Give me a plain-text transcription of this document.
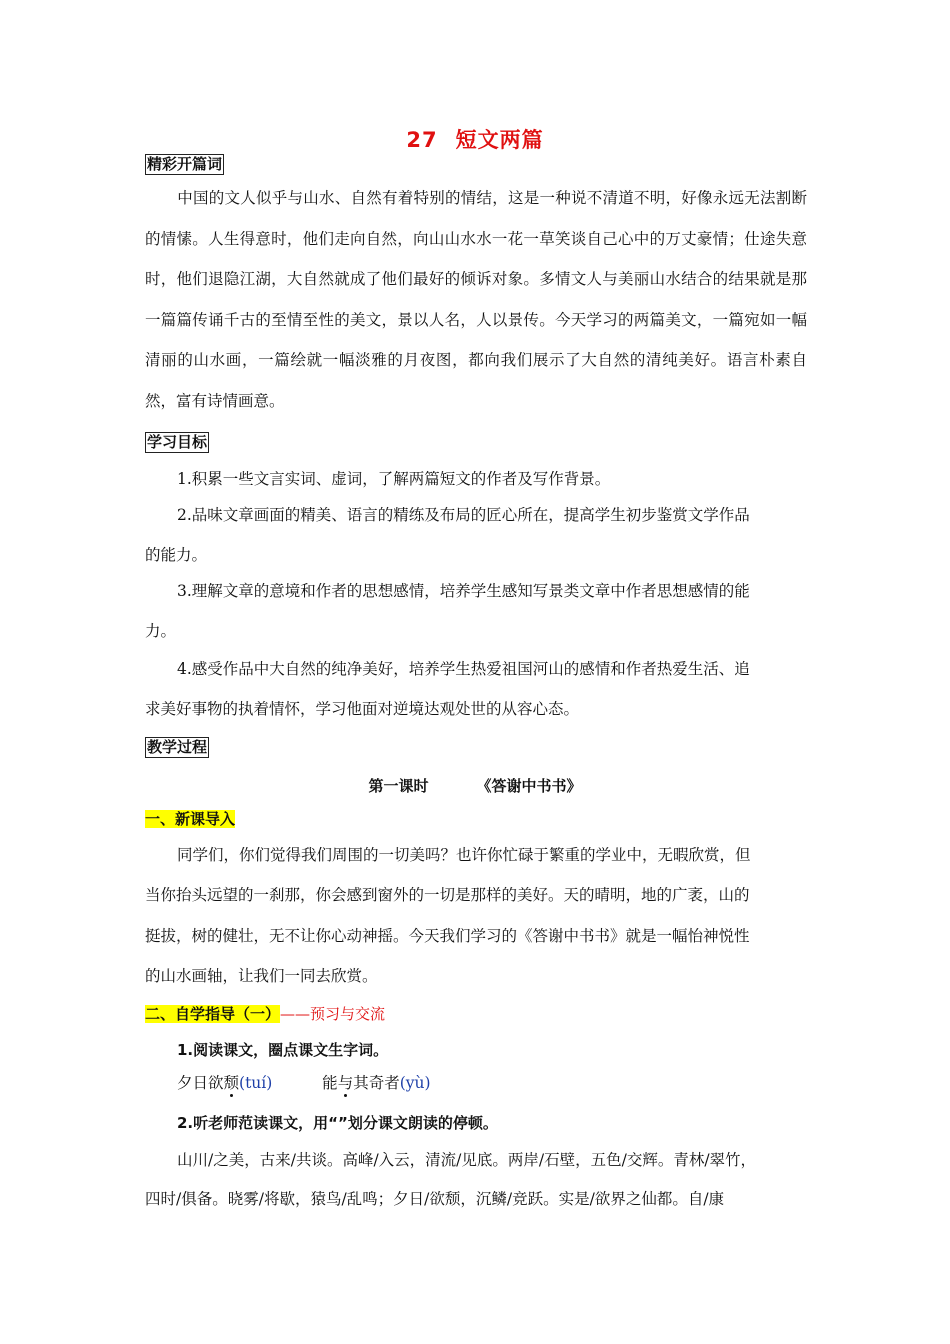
27 短文两篇
精彩开篇词

中国的文人似乎与山水、自然有着特别的情结，这是一种说不清道不明，好像永远无法割断的情愫。人生得意时，他们走向自然，向山山水水一花一草笑谈自己心中的万丈豪情；仕途失意时，他们退隐江湖，大自然就成了他们最好的倾诉对象。多情文人与美丽山水结合的结果就是那一篇篇传诵千古的至情至性的美文，景以人名，人以景传。今天学习的两篇美文，一篇宛如一幅清丽的山水画，一篇绘就一幅淡雅的月夜图，都向我们展示了大自然的清纯美好。语言朴素自然，富有诗情画意。

学习目标
1.积累一些文言实词、虚词，了解两篇短文的作者及写作背景。
2.品味文章画面的精美、语言的精练及布局的匠心所在，提高学生初步鉴赏文学作品
的能力。
3.理解文章的意境和作者的思想感情，培养学生感知写景类文章中作者思想感情的能
力。
4.感受作品中大自然的纯净美好，培养学生热爱祖国河山的感情和作者热爱生活、追
求美好事物的执着情怀，学习他面对逆境达观处世的从容心态。
教学过程
第一课时	《答谢中书书》
一、新课导入
同学们，你们觉得我们周围的一切美吗？也许你忙碌于繁重的学业中，无暇欣赏，但
当你抬头远望的一刹那，你会感到窗外的一切是那样的美好。天的晴明，地的广袤，山的
挺拔，树的健壮，无不让你心动神摇。今天我们学习的《答谢中书书》就是一幅怡神悦性
的山水画轴，让我们一同去欣赏。
二、自学指导（一）——预习与交流
1.阅读课文，圈点课文生字词。
夕日欲颓(tuí)	能与其奇者(yù)
2.听老师范读课文，用“”划分课文朗读的停顿。
山川/之美，古来/共谈。高峰/入云，清流/见底。两岸/石壁，五色/交辉。青林/翠竹，
四时/俱备。晓雾/将歇，猿鸟/乱鸣；夕日/欲颓，沉鳞/竞跃。实是/欲界之仙都。自/康
